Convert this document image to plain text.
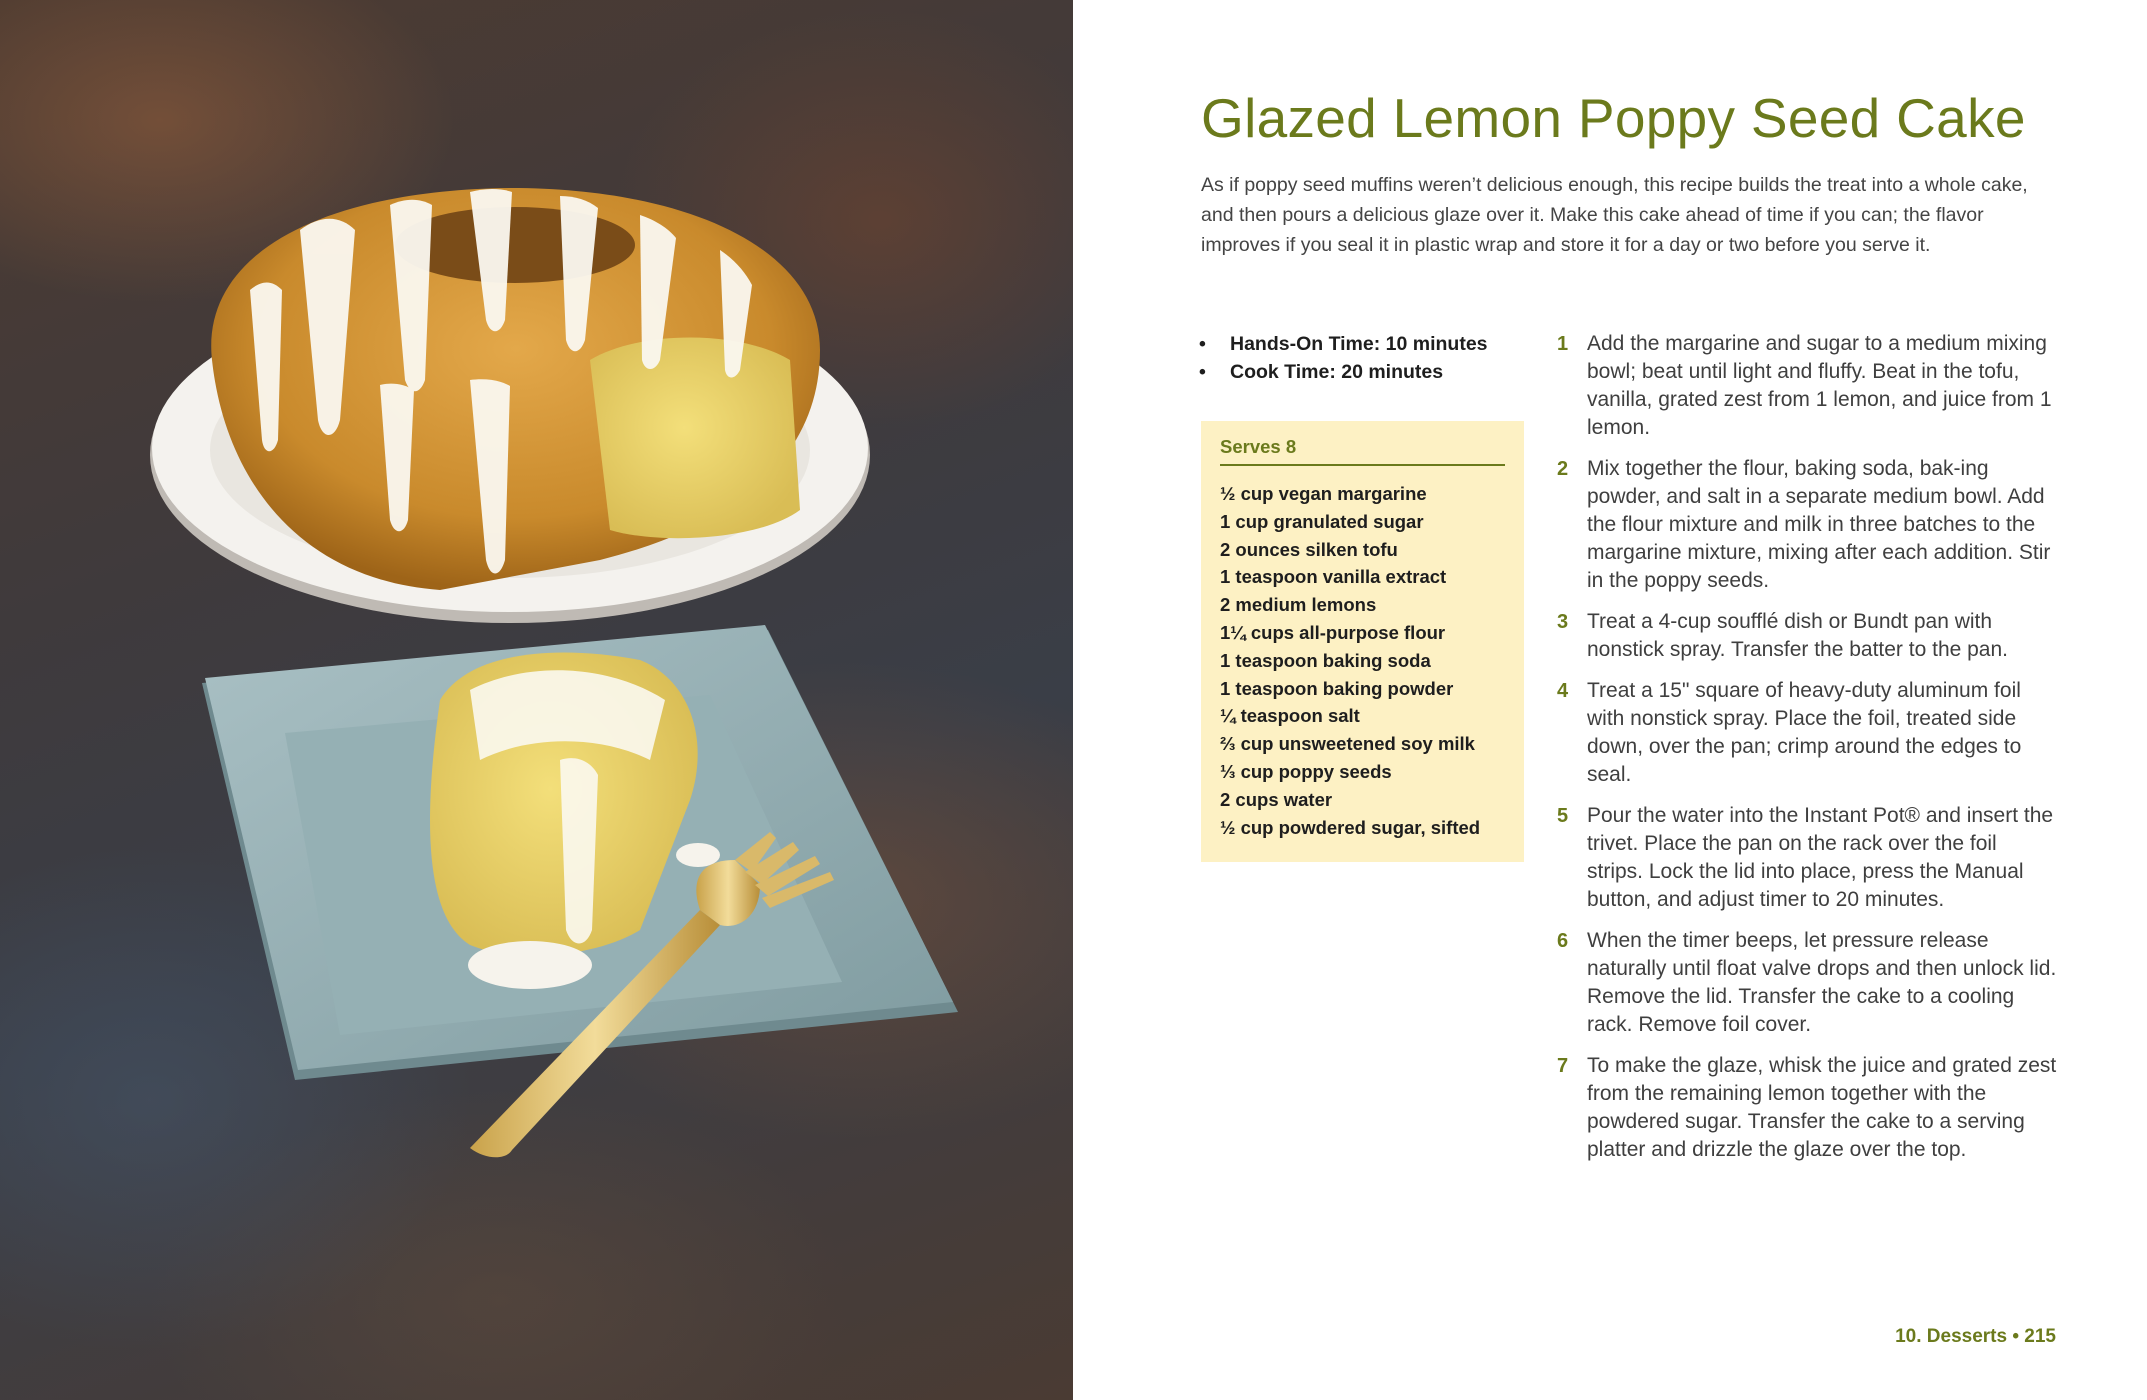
Glazed Lemon Poppy Seed Cake

As if poppy seed muffins weren’t delicious enough, this recipe builds the treat into a whole cake, and then pours a delicious glaze over it. Make this cake ahead of time if you can; the flavor improves if you seal it in plastic wrap and store it for a day or two before you serve it.

• Hands-On Time: 10 minutes
• Cook Time: 20 minutes
Serves 8
½ cup vegan margarine
1 cup granulated sugar
2 ounces silken tofu
1 teaspoon vanilla extract
2 medium lemons
1¼ cups all-purpose flour
1 teaspoon baking soda
1 teaspoon baking powder
¼ teaspoon salt
⅔ cup unsweetened soy milk
⅓ cup poppy seeds
2 cups water
½ cup powdered sugar, sifted
1 Add the margarine and sugar to a medium mixing bowl; beat until light and fluffy. Beat in the tofu, vanilla, grated zest from 1 lemon, and juice from 1 lemon.
2 Mix together the flour, baking soda, bak-ing powder, and salt in a separate medium bowl. Add the flour mixture and milk in three batches to the margarine mixture, mixing after each addition. Stir in the poppy seeds.
3 Treat a 4-cup soufflé dish or Bundt pan with nonstick spray. Transfer the batter to the pan.
4 Treat a 15" square of heavy-duty aluminum foil with nonstick spray. Place the foil, treated side down, over the pan; crimp around the edges to seal.
5 Pour the water into the Instant Pot® and insert the trivet. Place the pan on the rack over the foil strips. Lock the lid into place, press the Manual button, and adjust timer to 20 minutes.
6 When the timer beeps, let pressure release naturally until float valve drops and then unlock lid. Remove the lid. Transfer the cake to a cooling rack. Remove foil cover.
7 To make the glaze, whisk the juice and grated zest from the remaining lemon together with the powdered sugar. Transfer the cake to a serving platter and drizzle the glaze over the top.
10. Desserts • 215
